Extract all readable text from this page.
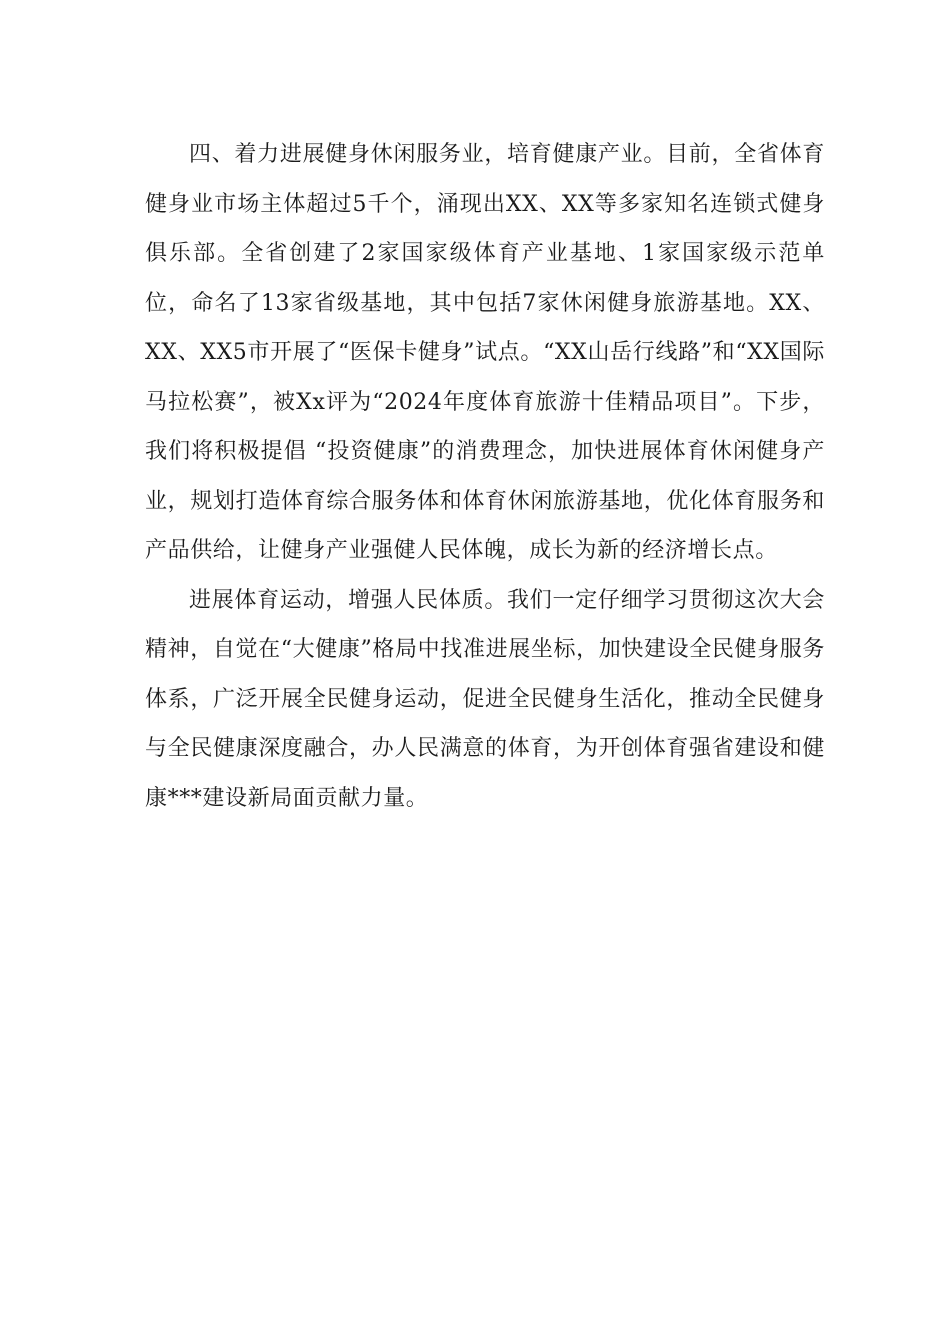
四、着力进展健身休闲服务业，培育健康产业。目前，全省体育健身业市场主体超过5千个，涌现出XX、XX等多家知名连锁式健身俱乐部。全省创建了2家国家级体育产业基地、1家国家级示范单位，命名了13家省级基地，其中包括7家休闲健身旅游基地。XX、XX、XX5市开展了“医保卡健身”试点。“XX山岳行线路”和“XX国际马拉松赛”，被Xx评为“2024年度体育旅游十佳精品项目”。下步，我们将积极提倡 “投资健康”的消费理念，加快进展体育休闲健身产业，规划打造体育综合服务体和体育休闲旅游基地，优化体育服务和产品供给，让健身产业强健人民体魄，成长为新的经济增长点。

进展体育运动，增强人民体质。我们一定仔细学习贯彻这次大会精神，自觉在“大健康”格局中找准进展坐标，加快建设全民健身服务体系，广泛开展全民健身运动，促进全民健身生活化，推动全民健身与全民健康深度融合，办人民满意的体育，为开创体育强省建设和健康***建设新局面贡献力量。
